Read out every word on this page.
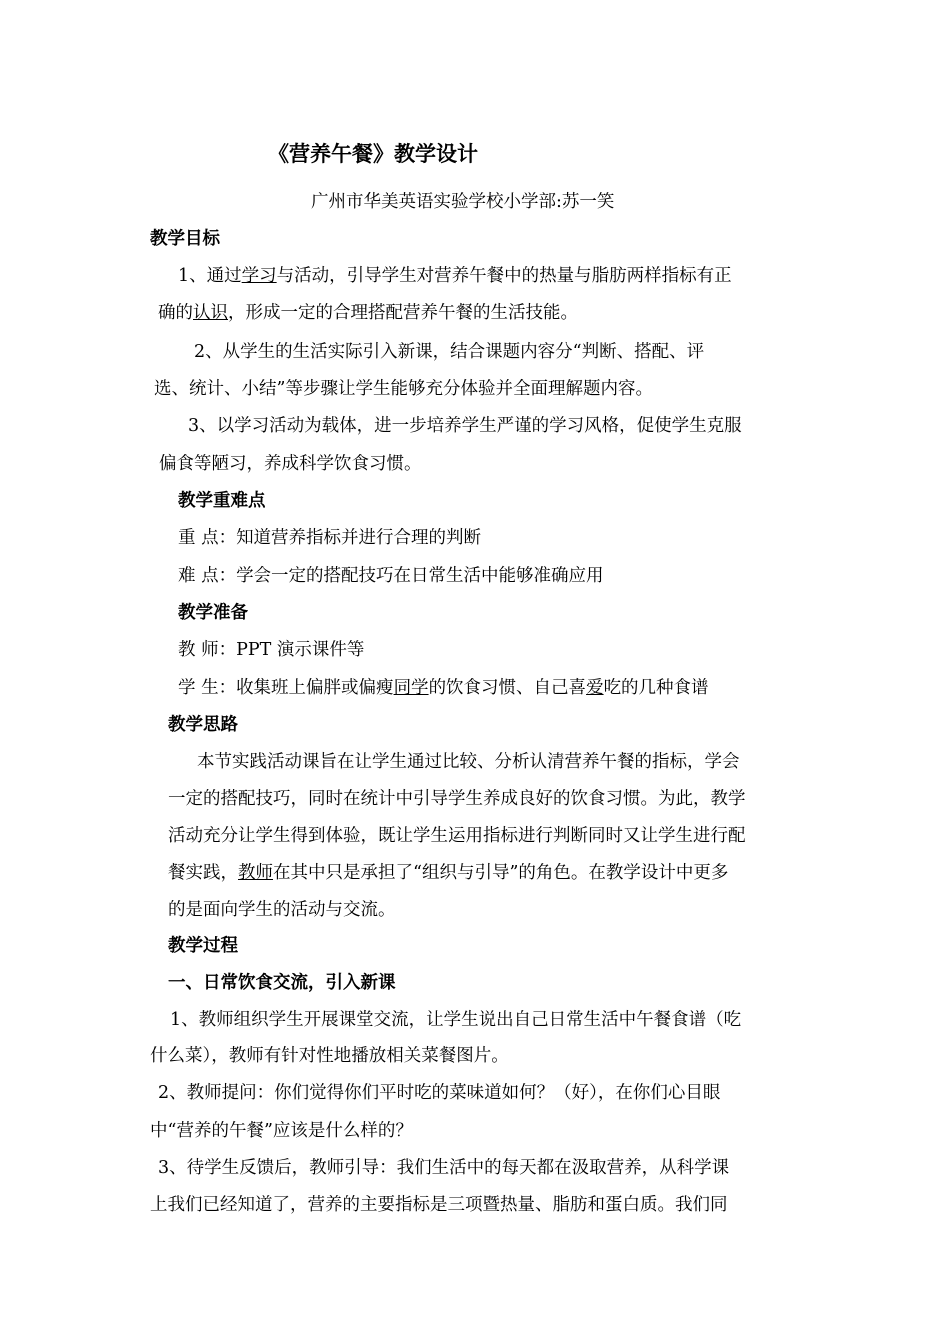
《营养午餐》教学设计
广州市华美英语实验学校小学部:苏一笑
教学目标
1、通过学习与活动，引导学生对营养午餐中的热量与脂肪两样指标有正
确的认识，形成一定的合理搭配营养午餐的生活技能。
2、从学生的生活实际引入新课，结合课题内容分“判断、搭配、评
选、统计、小结”等步骤让学生能够充分体验并全面理解题内容。
3、以学习活动为载体，进一步培养学生严谨的学习风格，促使学生克服
偏食等陋习，养成科学饮食习惯。
教学重难点
重 点：知道营养指标并进行合理的判断
难 点：学会一定的搭配技巧在日常生活中能够准确应用
教学准备
教 师：PPT 演示课件等
学 生：收集班上偏胖或偏瘦同学的饮食习惯、自己喜爱吃的几种食谱
教学思路
本节实践活动课旨在让学生通过比较、分析认清营养午餐的指标，学会
一定的搭配技巧，同时在统计中引导学生养成良好的饮食习惯。为此，教学
活动充分让学生得到体验，既让学生运用指标进行判断同时又让学生进行配
餐实践，教师在其中只是承担了“组织与引导”的角色。在教学设计中更多
的是面向学生的活动与交流。
教学过程
一、日常饮食交流，引入新课
1、教师组织学生开展课堂交流，让学生说出自己日常生活中午餐食谱（吃
什么菜），教师有针对性地播放相关菜餐图片。
2、教师提问：你们觉得你们平时吃的菜味道如何？（好），在你们心目眼
中“营养的午餐”应该是什么样的？
3、待学生反馈后，教师引导：我们生活中的每天都在汲取营养，从科学课
上我们已经知道了，营养的主要指标是三项暨热量、脂肪和蛋白质。我们同
